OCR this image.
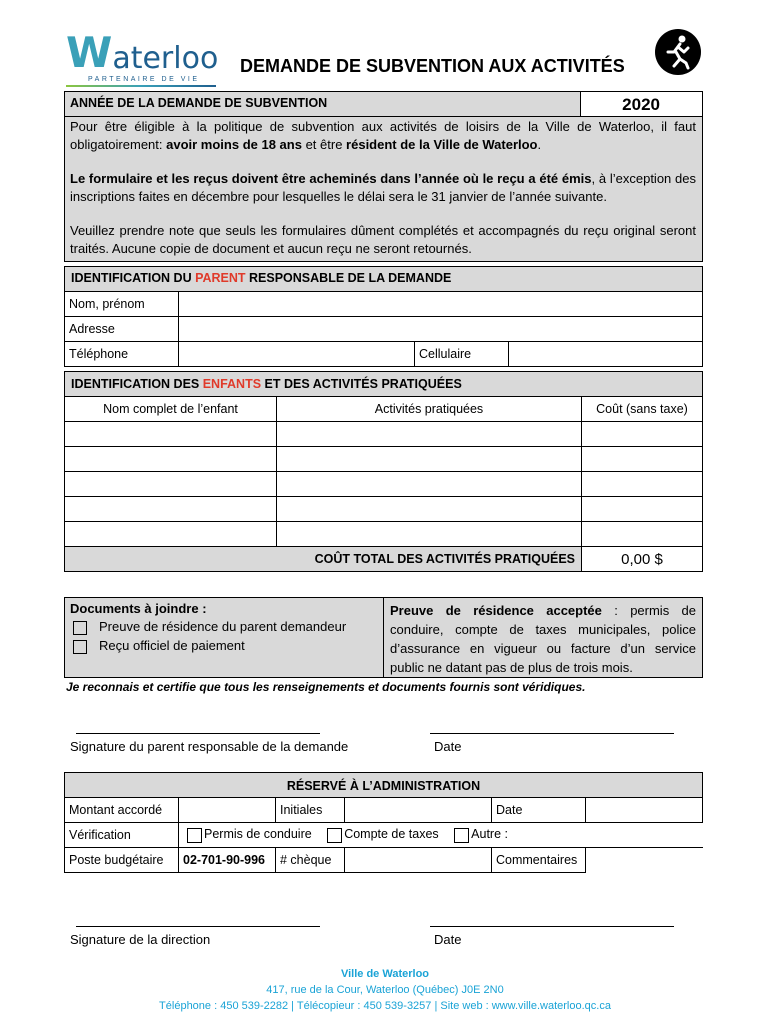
W aterloo
PARTENAIRE DE VIE
DEMANDE DE SUBVENTION AUX ACTIVITÉS
ANNÉE DE LA DEMANDE DE SUBVENTION	2020
Pour être éligible à la politique de subvention aux activités de loisirs de la Ville de Waterloo, il faut obligatoirement: avoir moins de 18 ans et être résident de la Ville de Waterloo.
Le formulaire et les reçus doivent être acheminés dans l’année où le reçu a été émis, à l’exception des inscriptions faites en décembre pour lesquelles le délai sera le 31 janvier de l’année suivante.
Veuillez prendre note que seuls les formulaires dûment complétés et accompagnés du reçu original seront traités. Aucune copie de document et aucun reçu ne seront retournés.
IDENTIFICATION DU PARENT RESPONSABLE DE LA DEMANDE
Nom, prénom			
Adresse			
Téléphone		Cellulaire	
IDENTIFICATION DES ENFANTS ET DES ACTIVITÉS PRATIQUÉES
Nom complet de l’enfant	Activités pratiquées	Coût (sans taxe)

COÛT TOTAL DES ACTIVITÉS PRATIQUÉES		0,00 $
Documents à joindre :
Preuve de résidence du parent demandeur
Reçu officiel de paiement
Preuve de résidence acceptée : permis de conduire, compte de taxes municipales, police d’assurance en vigueur ou facture d’un service public ne datant pas de plus de trois mois.
Je reconnais et certifie que tous les renseignements et documents fournis sont véridiques.
Signature du parent responsable de la demande	Date
RÉSERVÉ À L’ADMINISTRATION
Montant accordé		Initiales		Date	
Vérification	Permis de conduire Compte de taxes Autre :				
Poste budgétaire	02-701-90-996	# chèque		Commentaires	
Signature de la direction	Date
Ville de Waterloo
417, rue de la Cour, Waterloo (Québec) J0E 2N0
Téléphone : 450 539-2282 | Télécopieur : 450 539-3257 | Site web : www.ville.waterloo.qc.ca
